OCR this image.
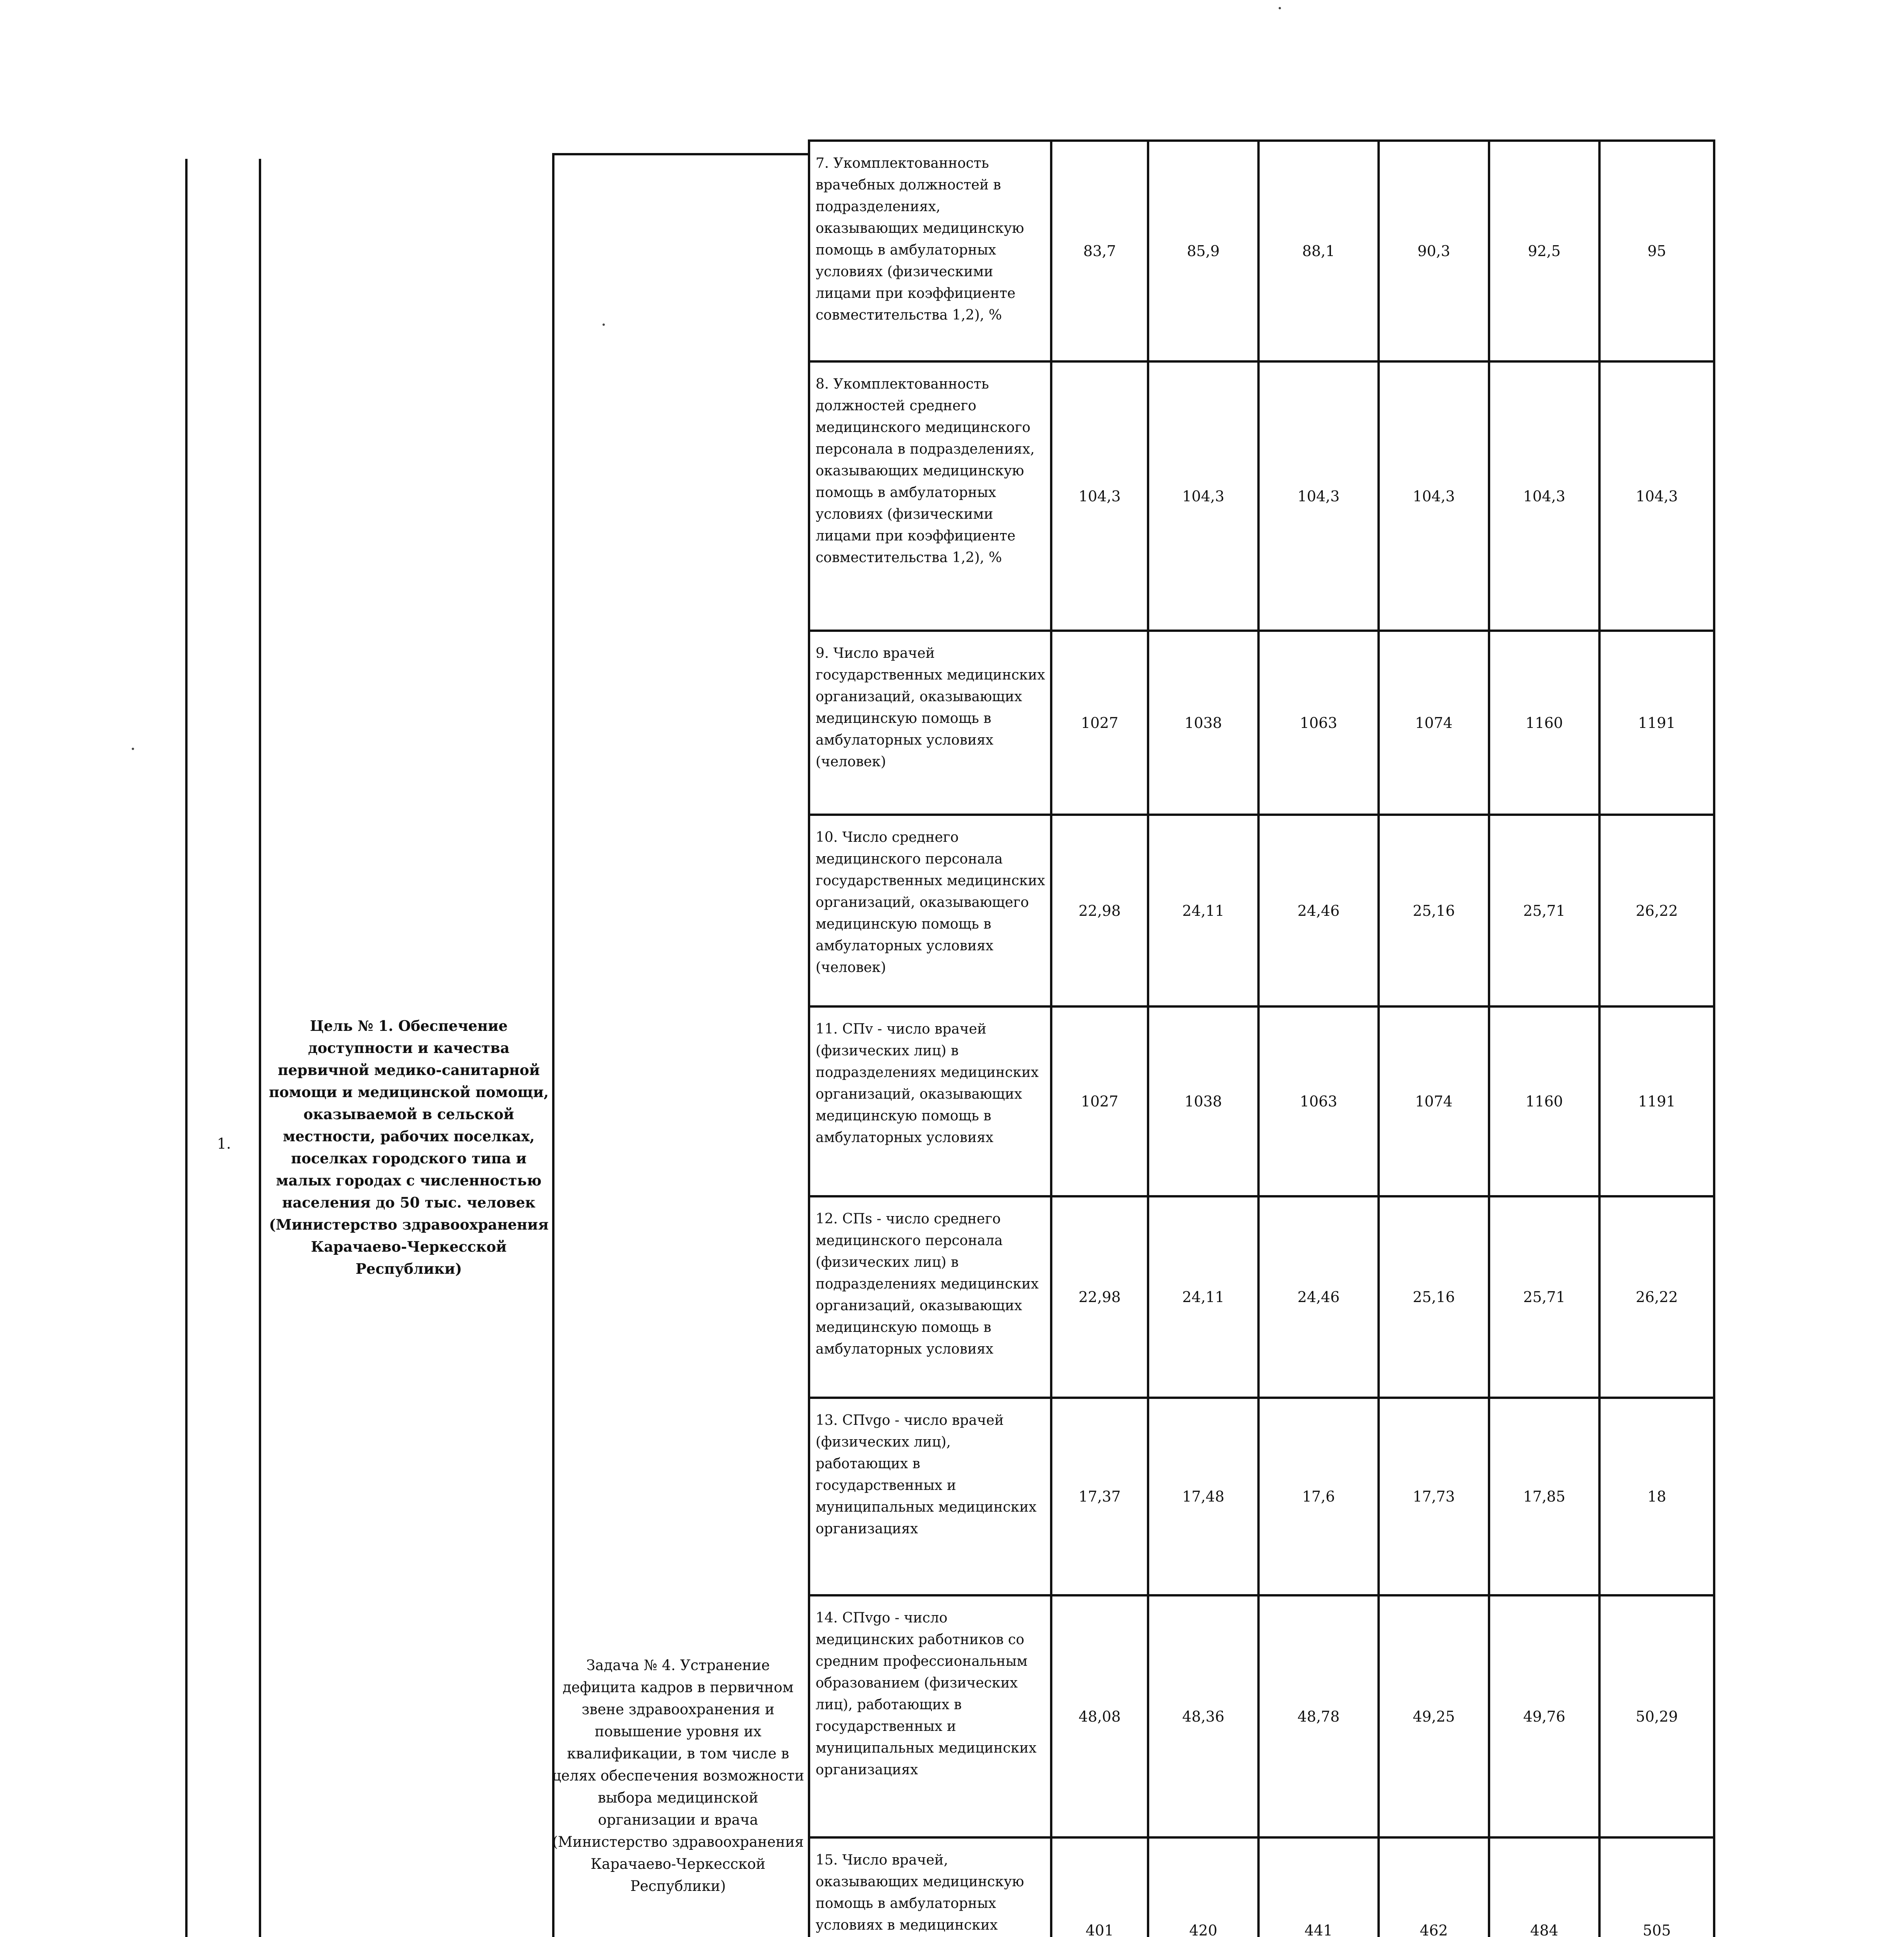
1.
Цель № 1. Обеспечение доступности и качества первичной медико-санитарной помощи и медицинской помощи, оказываемой в сельской местности, рабочих поселках, поселках городского типа и малых городах с численностью населения до 50 тыс. человек (Министерство здравоохранения Карачаево-Черкесской Республики)
Задача № 4. Устранение дефицита кадров в первичном звене здравоохранения и повышение уровня их квалификации, в том числе в целях обеспечения возможности выбора медицинской организации и врача (Министерство здравоохранения Карачаево-Черкесской Республики)
7. Укомплектованность врачебных должностей в подразделениях, оказывающих медицинскую помощь в амбулаторных условиях (физическими лицами при коэффициенте совместительства 1,2), %	83,7	85,9	88,1	90,3	92,5	95
8. Укомплектованность должностей среднего медицинского медицинского персонала в подразделениях, оказывающих медицинскую помощь в амбулаторных условиях (физическими лицами при коэффициенте совместительства 1,2), %	104,3	104,3	104,3	104,3	104,3	104,3
9. Число врачей государственных медицинских организаций, оказывающих медицинскую помощь в амбулаторных условиях (человек)	1027	1038	1063	1074	1160	1191
10. Число среднего медицинского персонала государственных медицинских организаций, оказывающего медицинскую помощь в амбулаторных условиях (человек)	22,98	24,11	24,46	25,16	25,71	26,22
11. CПv - число врачей (физических лиц) в подразделениях медицинских организаций, оказывающих медицинскую помощь в амбулаторных условиях	1027	1038	1063	1074	1160	1191
12. CПs - число среднего медицинского персонала (физических лиц) в подразделениях медицинских организаций, оказывающих медицинскую помощь в амбулаторных условиях	22,98	24,11	24,46	25,16	25,71	26,22
13. CПvgo - число врачей (физических лиц), работающих в государственных и муниципальных медицинских организациях	17,37	17,48	17,6	17,73	17,85	18
14. CПvgo - число медицинских работников со средним профессиональным образованием (физических лиц), работающих в государственных и муниципальных медицинских организациях	48,08	48,36	48,78	49,25	49,76	50,29
15. Число врачей, оказывающих медицинскую помощь в амбулаторных условиях в медицинских	401	420	441	462	484	505
